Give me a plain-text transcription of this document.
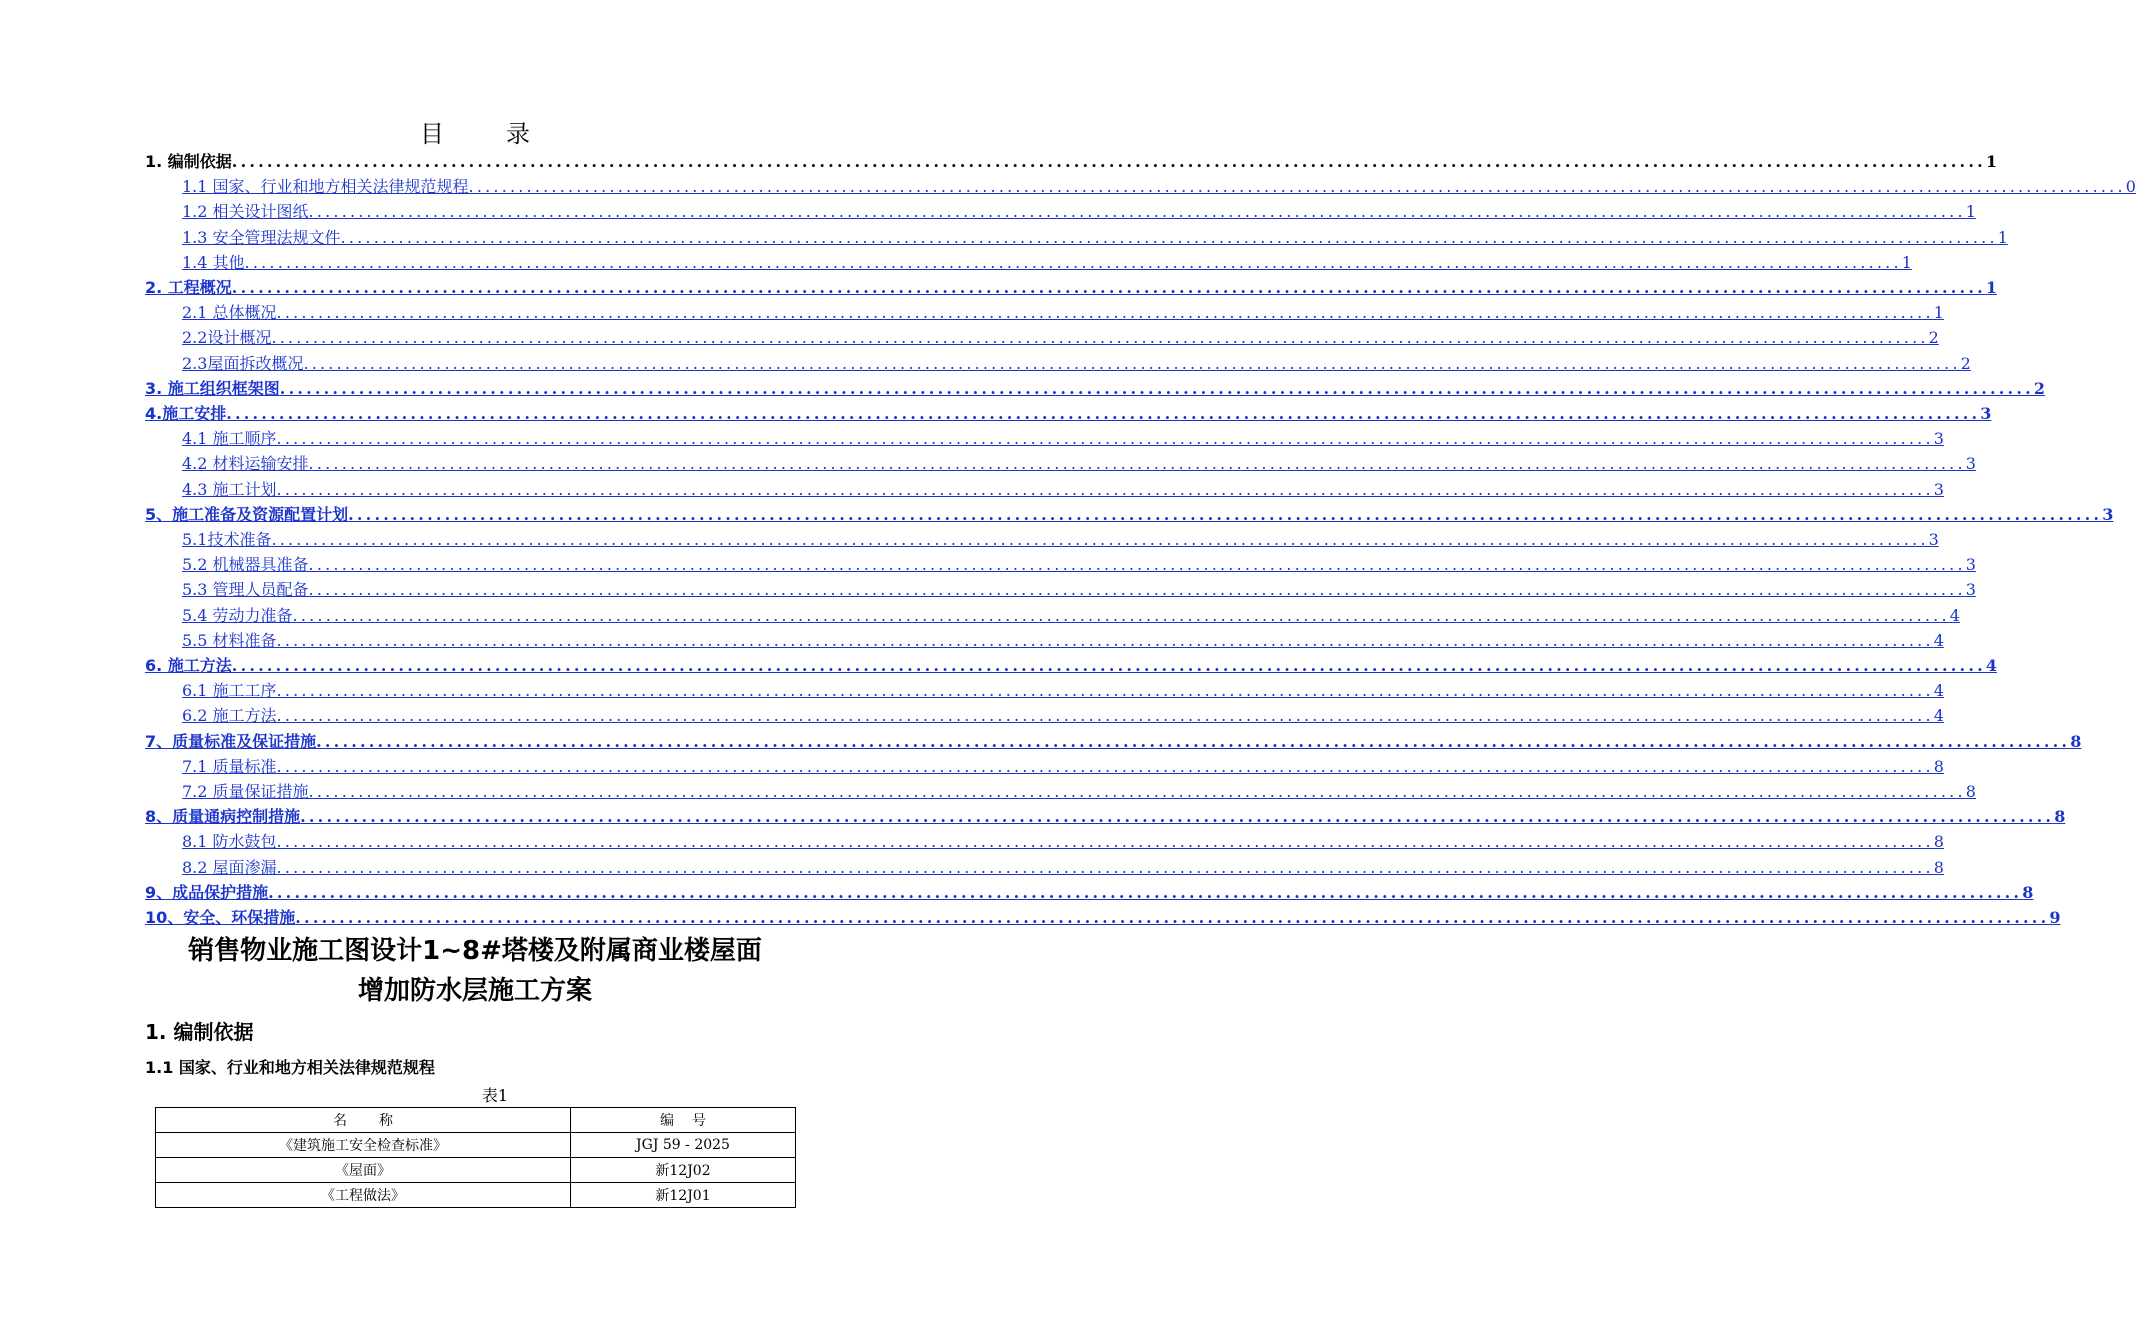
目	录
1. 编制依据 ........................................................................................................................................................................................................ 1
1.1 国家、行业和地方相关法律规范规程 ........................................................................................................................................................................................................ 0
1.2 相关设计图纸 ........................................................................................................................................................................................................ 1
1.3 安全管理法规文件 ........................................................................................................................................................................................................ 1
1.4 其他 ........................................................................................................................................................................................................ 1
2. 工程概况 ........................................................................................................................................................................................................ 1
2.1 总体概况 ........................................................................................................................................................................................................ 1
2.2设计概况 ........................................................................................................................................................................................................ 2
2.3屋面拆改概况 ........................................................................................................................................................................................................ 2
3. 施工组织框架图 ........................................................................................................................................................................................................ 2
4.施工安排 ........................................................................................................................................................................................................ 3
4.1 施工顺序 ........................................................................................................................................................................................................ 3
4.2 材料运输安排 ........................................................................................................................................................................................................ 3
4.3 施工计划 ........................................................................................................................................................................................................ 3
5、施工准备及资源配置计划 ........................................................................................................................................................................................................ 3
5.1技术准备 ........................................................................................................................................................................................................ 3
5.2 机械器具准备 ........................................................................................................................................................................................................ 3
5.3 管理人员配备 ........................................................................................................................................................................................................ 3
5.4 劳动力准备 ........................................................................................................................................................................................................ 4
5.5 材料准备 ........................................................................................................................................................................................................ 4
6. 施工方法 ........................................................................................................................................................................................................ 4
6.1 施工工序 ........................................................................................................................................................................................................ 4
6.2 施工方法 ........................................................................................................................................................................................................ 4
7、质量标准及保证措施 ........................................................................................................................................................................................................ 8
7.1 质量标准 ........................................................................................................................................................................................................ 8
7.2 质量保证措施 ........................................................................................................................................................................................................ 8
8、质量通病控制措施 ........................................................................................................................................................................................................ 8
8.1 防水鼓包 ........................................................................................................................................................................................................ 8
8.2 屋面渗漏 ........................................................................................................................................................................................................ 8
9、成品保护措施 ........................................................................................................................................................................................................ 8
10、安全、环保措施 ........................................................................................................................................................................................................ 9
销售物业施工图设计1~8#塔楼及附属商业楼屋面
增加防水层施工方案
1. 编制依据
1.1 国家、行业和地方相关法律规范规程
表1
名 称	编 号
《建筑施工安全检查标准》	JGJ 59 - 2025
《屋面》	新12J02
《工程做法》	新12J01
